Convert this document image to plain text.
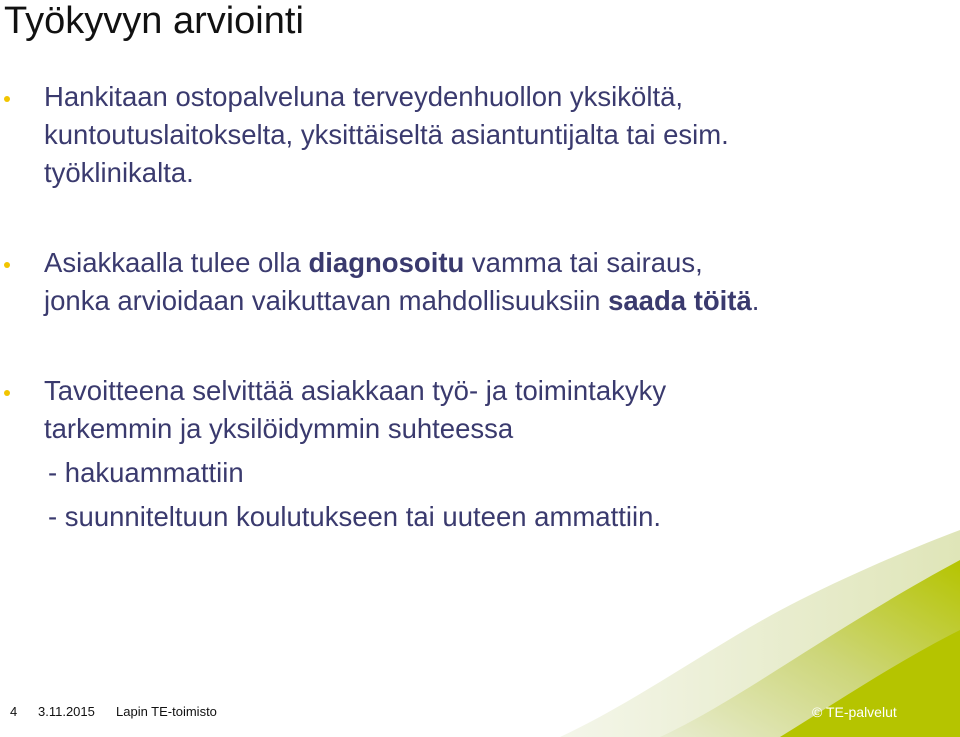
Työkyvyn arviointi
Hankitaan ostopalveluna terveydenhuollon yksiköltä,
kuntoutuslaitokselta, yksittäiseltä asiantuntijalta tai esim.
työklinikalta.
Asiakkaalla tulee olla diagnosoitu vamma tai sairaus,
jonka arvioidaan vaikuttavan mahdollisuuksiin saada töitä.
Tavoitteena selvittää asiakkaan työ- ja toimintakyky
tarkemmin ja yksilöidymmin suhteessa
- hakuammattiin
- suunniteltuun koulutukseen tai uuteen ammattiin.
4 3.11.2015 Lapin TE-toimisto	© TE-palvelut
